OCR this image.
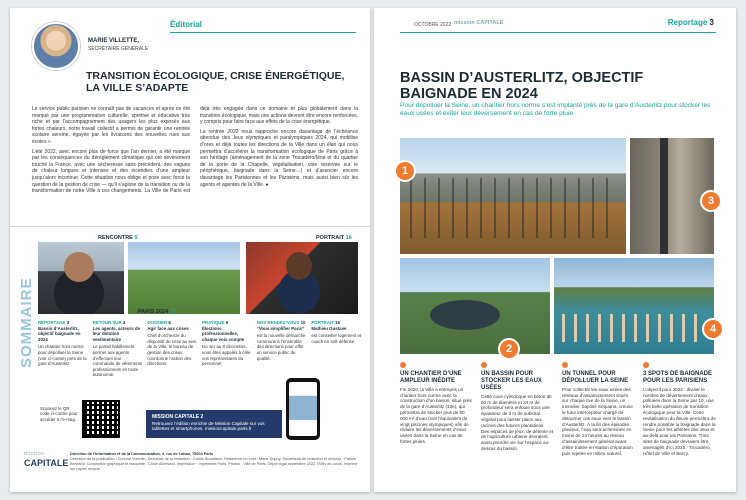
MARIE VILLETTE,
SECRÉTAIRE GÉNÉRALE
Éditorial
TRANSITION ÉCOLOGIQUE, CRISE ÉNERGÉTIQUE, LA VILLE S’ADAPTE

Le service public parisien ne connaît pas de vacances et après un été marqué par une programmation culturelle, sportive et éducative très riche et par l’accompagnement des usagers les plus exposés aux fortes chaleurs, notre travail collectif a permis de garantir une rentrée scolaire sereine, égayée par les livraisons des nouvelles rues aux écoles ».

L’été 2022, avec encore plus de force que l’an dernier, a été marqué par les conséquences du dérèglement climatique qui ont sévèrement touché la France, avec une sécheresse sans précédent, des vagues de chaleur longues et intenses et des incendies d’une ampleur jusqu’alors inconnue. Cette situation nous oblige et pose avec force la question de la gestion de crise — qu’il s’agisse de la transition ou de la transformation de notre Ville à ces changements. La Ville de Paris est déjà très engagée dans ce domaine et plus globalement dans la transition écologique, mais nos actions devront être encore renforcées, y compris pour faire face aux effets de la crise énergétique.

La rentrée 2022 nous rapproche encore davantage de l’échéance attendue des Jeux olympiques et paralympiques 2024, qui mobilise d’ores et déjà toutes les directions de la Ville dans un élan qui nous permettra d’accélérer la transformation écologique de Paris grâce à son héritage (aménagement de la zone Trocadéro/Iéna et du quartier de la porte de la Chapelle, végétalisation, voie réservée sur le périphérique, baignade dans la Seine…) et d’associer encore davantage les Parisiennes et les Parisiens, mais aussi bien sûr les agents et agentes de la Ville. ●

SOMMAIRE
RENCONTRE 5
PARIS 2024 12
PORTRAIT 16
REPORTAGE 3
Bassin d’Austerlitz, objectif baignade en 2024
Un chantier hors norme pour dépolluer la Seine (voir ci-contre) près de la gare d’Austerlitz.
RETOUR SUR 4
Les agents, acteurs de leur dotation vestimentaire
Le portail habillement permet aux agents d’effectuer leur commande de vêtements professionnels en toute autonomie.
DOSSIER 6
Agir face aux crises
Chef d’orchestre du dispositif de crise au sein de la Ville, le bureau de gestion des crises coordonne l’action des directions.
PRATIQUE 9
Élections professionnelles, chaque voix compte
Du 1er au 8 décembre, vous êtes appelés à élire vos représentants du personnel.
NOS RENDEZ-VOUS 10
“Vous simplifier Paris”
est la nouvelle démarche commune à l’ensemble des directions pour offrir un service public de qualité.
PORTRAIT 16
Mathieu Gustave
est conseiller logement et coach en self-défense.
Scannez le QR code ci-contre pour accéder à l’e-mag.	MISSION CAPITALE 2
Retrouvez l’édition enrichie de Mission Capitale sur vos tablettes et smartphones. missioncapitale.paris.fr
mission
CAPITALE
Direction de l’Information et de la Communication, 4, rue de Lobau, 75004 Paris
Directrice de la publication : Corinne Vizentin. Directrice de la rédaction : Carole Bourdieux. Rédactrice en chef : Marie Dupuy. Secrétariat de rédaction et révision : Patrick Bertrand. Conception graphique et maquette : Chloé Allemand. Impression : Imprimerie Paris. Photos : Ville de Paris. Dépôt légal septembre 2022. ISSN en cours. Imprimé sur papier recyclé.
OCTOBRE 2022 mission CAPITALE	Reportage 3
BASSIN D’AUSTERLITZ, OBJECTIF BAIGNADE EN 2024
Pour dépolluer la Seine, un chantier hors norme s’est implanté près de la gare d’Austerlitz pour stocker les eaux usées et éviter leur déversement en cas de forte pluie.
1
2
3
4
UN CHANTIER D’UNE AMPLEUR INÉDITE
Fin 2020, la Ville a entrepris un chantier hors norme avec la construction d’un bassin, situé près de la gare d’Austerlitz (13e), qui permettra de stocker plus de 50 000 m³ d’eau (soit l’équivalent de vingt piscines olympiques) afin de réduire les déversements d’eaux usées dans la Seine en cas de fortes pluies.
UN BASSIN POUR STOCKER LES EAUX USÉES
Cette cuve cylindrique en béton de 50 m de diamètre et 34 m de profondeur sera enfouie sous une épaisseur de 3 m de substrat végétal pour laisser place aux racines des futures plantations. Des espaces de jeux, de détente et de l’agriculture urbaine devraient aussi prendre vie sur l’espace au-dessus du bassin.
UN TUNNEL POUR DÉPOLLUER LA SEINE
Pour collecter les eaux usées des réseaux d’assainissement situés sur chaque rive de la Seine, un tunnelier, baptisé Sequana, creuse le futur intercepteur chargé de détourner ces eaux vers le bassin d’Austerlitz. À la fin des épisodes pluvieux, l’eau sera acheminée en moins de 24 heures au réseau d’assainissement général avant d’être traitée en station d’épuration puis rejetée en milieu naturel.
3 SPOTS DE BAIGNADE POUR LES PARISIENS
L’objectif pour 2024 : diviser le nombre de déversement d’eaux polluées dans la Seine par 10, une très belle opération de transition écologique pour la Ville. Cette revitalisation du fleuve permettra de rendre possible la baignade dans la Seine pour les athlètes des Jeux et au-delà pour les Parisiens. Trois sites de baignade devraient être aménagés d’ici 2025 : Trocadéro, Hôtel de Ville et Bercy.
